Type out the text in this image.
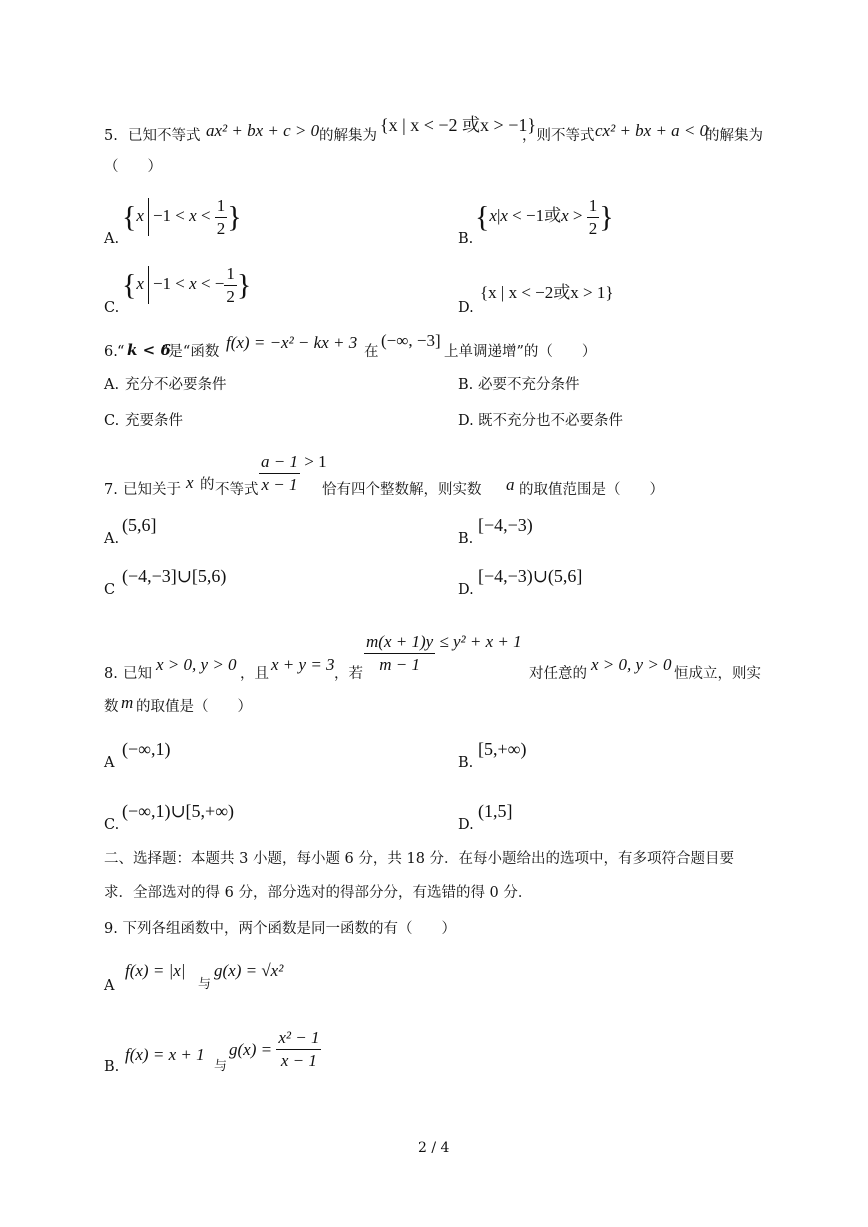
5. 已知不等式 ax² + bx + c > 0 的解集为
{x | x < −2 或x > −1}
，则不等式 cx² + bx + a < 0
的解集为
（　　）
A.
{$x -1 < x < \frac{1}{2}$ }
B.
{x|x < −1或$x > \frac{1}{2}$ }
C.
{x −1 < x < − $\frac{1}{2}$ }
D.
{x | x < −2或x > 1}
6. “ k < 6
”是“函数 f(x) = −x² − kx + 3 在
(−∞, −3]
上单调递增”的（　　）
A. 充分不必要条件	B. 必要不充分条件
C. 充要条件	D. 既不充分也不必要条件
7. 已知关于 x 的 不等式 $\frac{a - 1}{x - 1} > 1$
恰有四个整数解，则实数 a 的取值范围是（　　）
A.
(5,6]
B.
[−4,−3)
C
(−4,−3]∪[5,6)
D.
[−4,−3)∪(5,6]
8. 已知 x > 0, y > 0 ，且 x + y = 3 ，若 $\frac{m(x + 1)y}{m - 1} \le y^2 + x + 1$
对任意的 x > 0, y > 0 恒成立，则实
数 m 的取值是（　　）
A
(−∞,1)
B.
[5,+∞)
C.
(−∞,1)∪[5,+∞)
D.
(1,5]
二、选择题：本题共 3 小题，每小题 6 分，共 18 分．在每小题给出的选项中，有多项符合题目要
求．全部选对的得 6 分，部分选对的得部分分，有选错的得 0 分．
9. 下列各组函数中，两个函数是同一函数的有（　　）
A
f(x) = |x|
与
g(x) = √x²
B.
f(x) = x + 1
与
$g(x) = \frac{\text{x² − 1}}{x - 1}$
2 / 4
